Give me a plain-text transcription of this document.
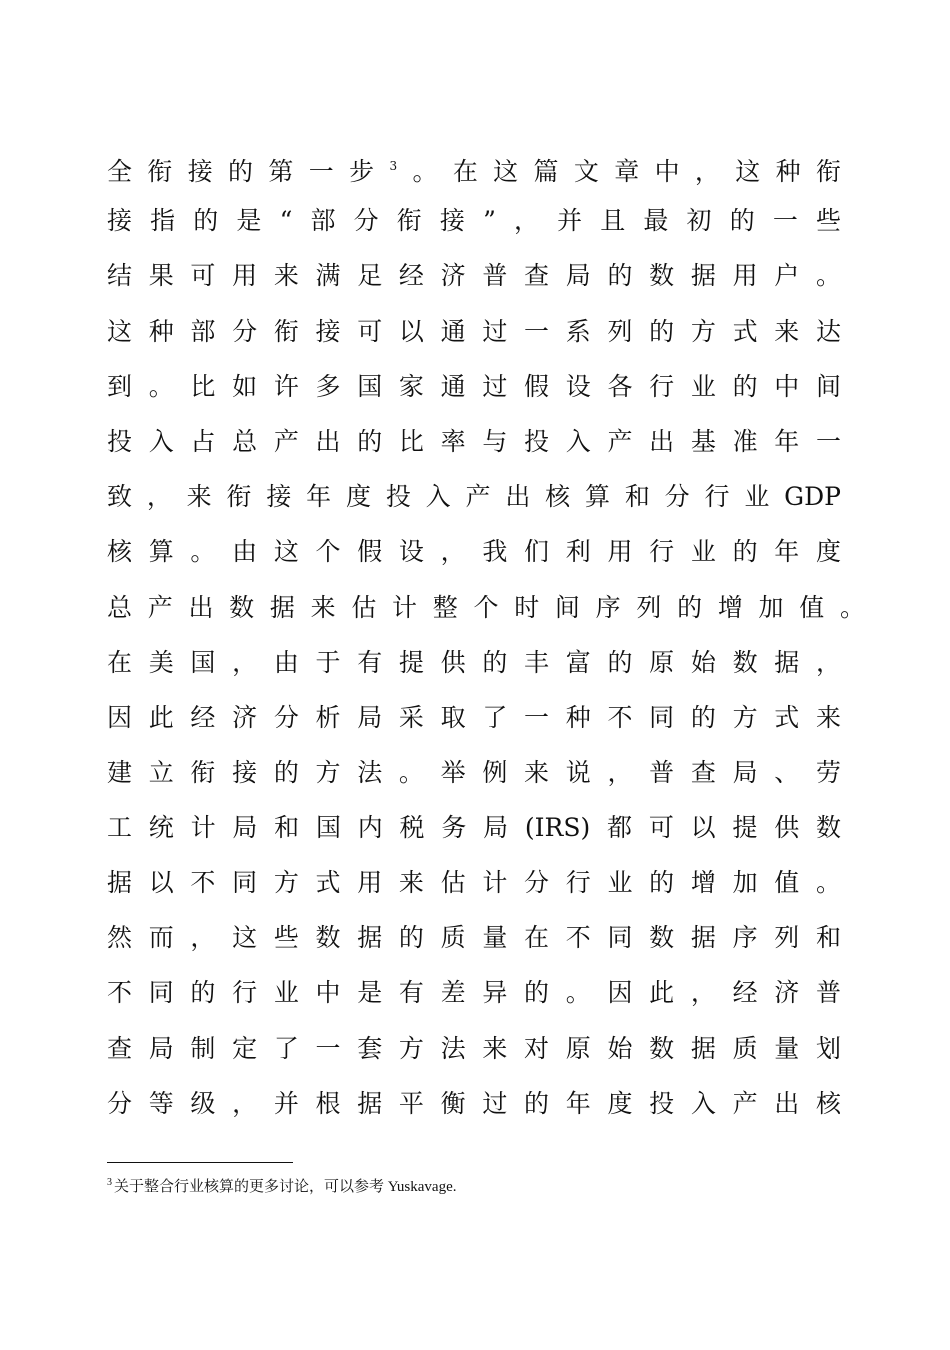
全衔接的第一步$^3$。在这篇文章中，这种衔
接指的是“部分衔接”，并且最初的一些
结果可用来满足经济普查局的数据用户。
这种部分衔接可以通过一系列的方式来达
到。比如许多国家通过假设各行业的中间
投入占总产出的比率与投入产出基准年一
致，来衔接年度投入产出核算和分行业GDP
核算。由这个假设，我们利用行业的年度
总产出数据来估计整个时间序列的增加值。
在美国，由于有提供的丰富的原始数据，
因此经济分析局采取了一种不同的方式来
建立衔接的方法。举例来说，普查局、劳
工统计局和国内税务局(IRS)都可以提供数
据以不同方式用来估计分行业的增加值。
然而，这些数据的质量在不同数据序列和
不同的行业中是有差异的。因此，经济普
查局制定了一套方法来对原始数据质量划
分等级，并根据平衡过的年度投入产出核
$^3$ 关于整合行业核算的更多讨论，可以参考 Yuskavage.
